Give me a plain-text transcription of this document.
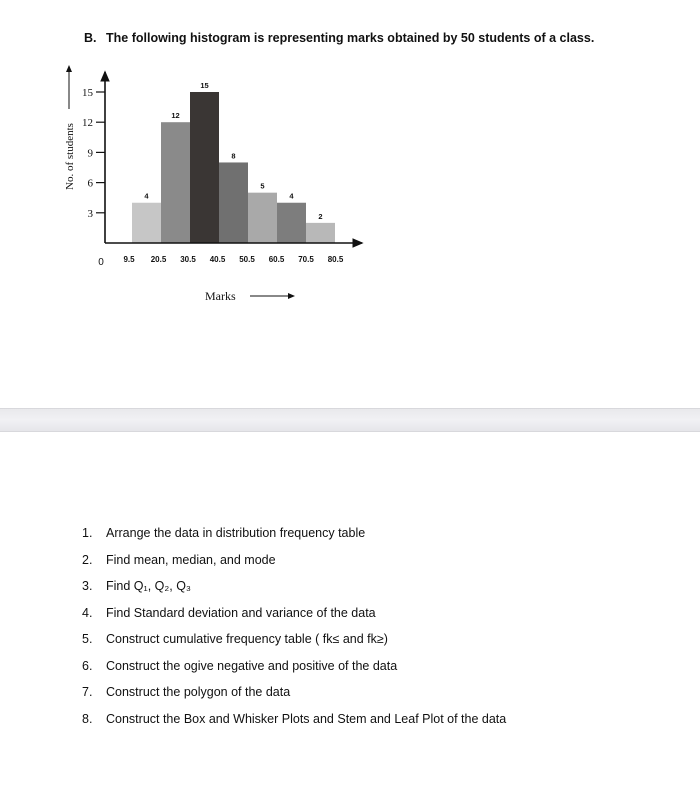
B. The following histogram is representing marks obtained by 50 students of a class.
3
6
9
12
15
9.5 20.5 30.5 40.5 50.5 60.5 70.5 80.5
4
12
15
8
5
4
2
0
No. of students
Marks
1. Arrange the data in distribution frequency table
2. Find mean, median, and mode
3. Find Q₁, Q₂, Q₃
4. Find Standard deviation and variance of the data
5. Construct cumulative frequency table ( fk≤ and fk≥)
6. Construct the ogive negative and positive of the data
7. Construct the polygon of the data
8. Construct the Box and Whisker Plots and Stem and Leaf Plot of the data
